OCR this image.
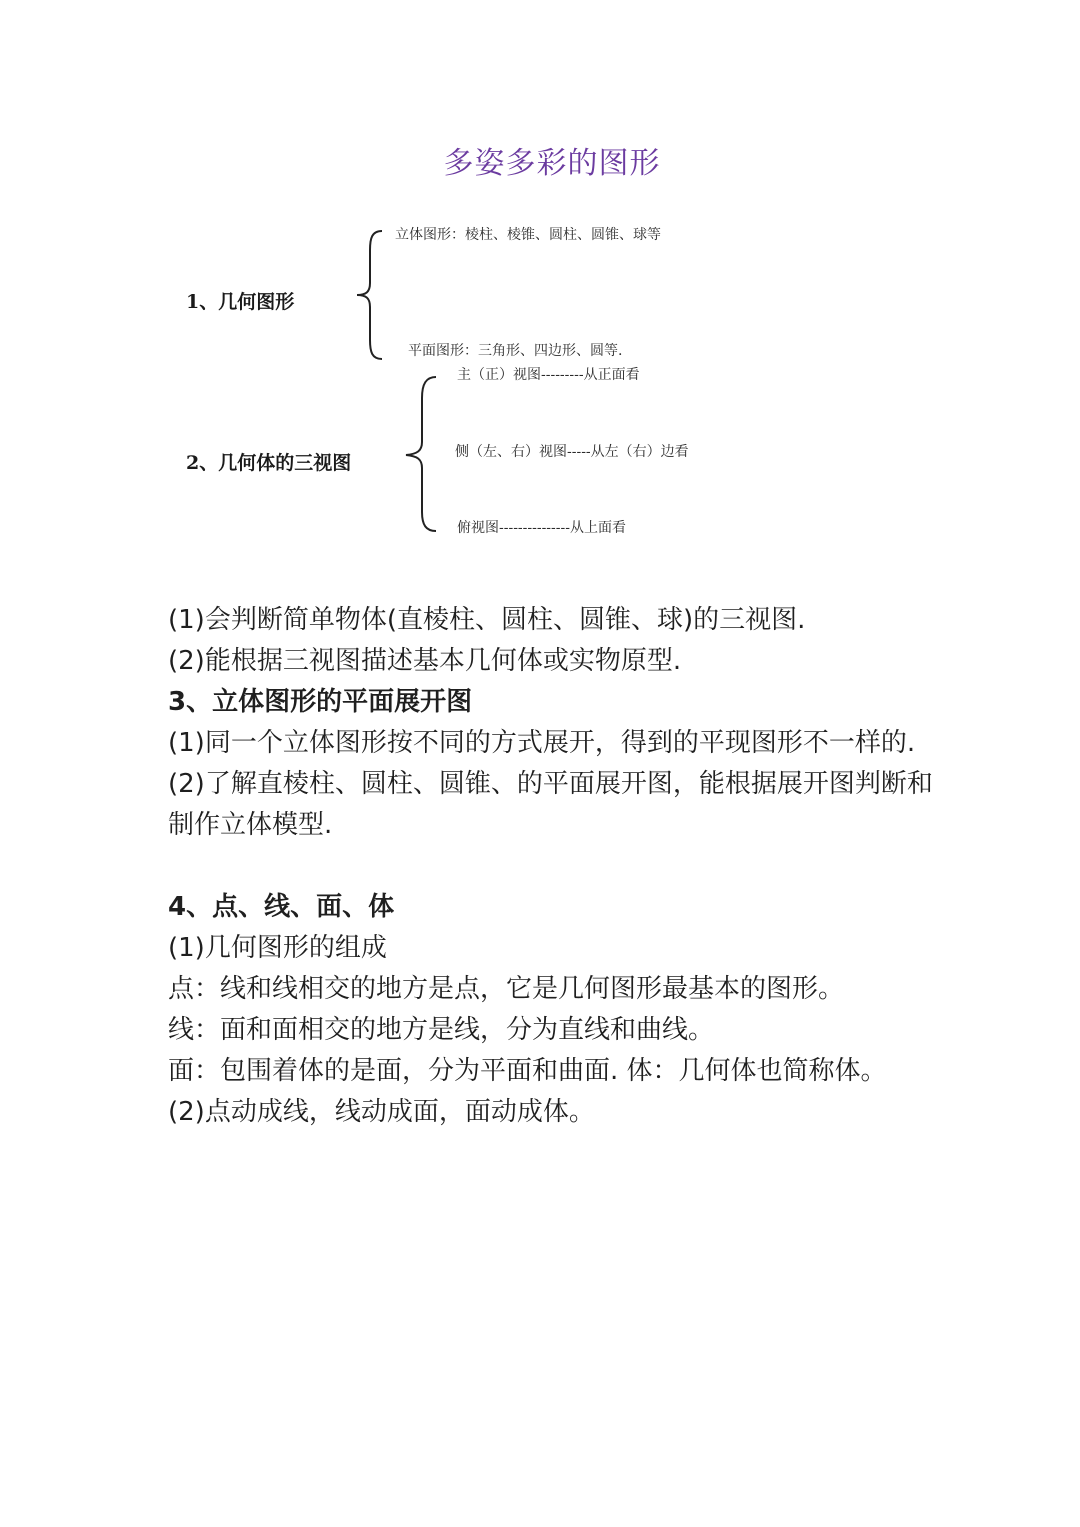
多姿多彩的图形
1、几何图形
立体图形：棱柱、棱锥、圆柱、圆锥、球等
平面图形：三角形、四边形、圆等.
2、几何体的三视图
主（正）视图---------从正面看
侧（左、右）视图-----从左（右）边看
俯视图---------------从上面看

(1)会判断简单物体(直棱柱、圆柱、圆锥、球)的三视图.

(2)能根据三视图描述基本几何体或实物原型.

3、立体图形的平面展开图

(1)同一个立体图形按不同的方式展开，得到的平现图形不一样的.

(2)了解直棱柱、圆柱、圆锥、的平面展开图，能根据展开图判断和制作立体模型.

4、点、线、面、体

(1)几何图形的组成

点：线和线相交的地方是点，它是几何图形最基本的图形。

线：面和面相交的地方是线，分为直线和曲线。

面：包围着体的是面，分为平面和曲面. 体：几何体也简称体。

(2)点动成线，线动成面，面动成体。
